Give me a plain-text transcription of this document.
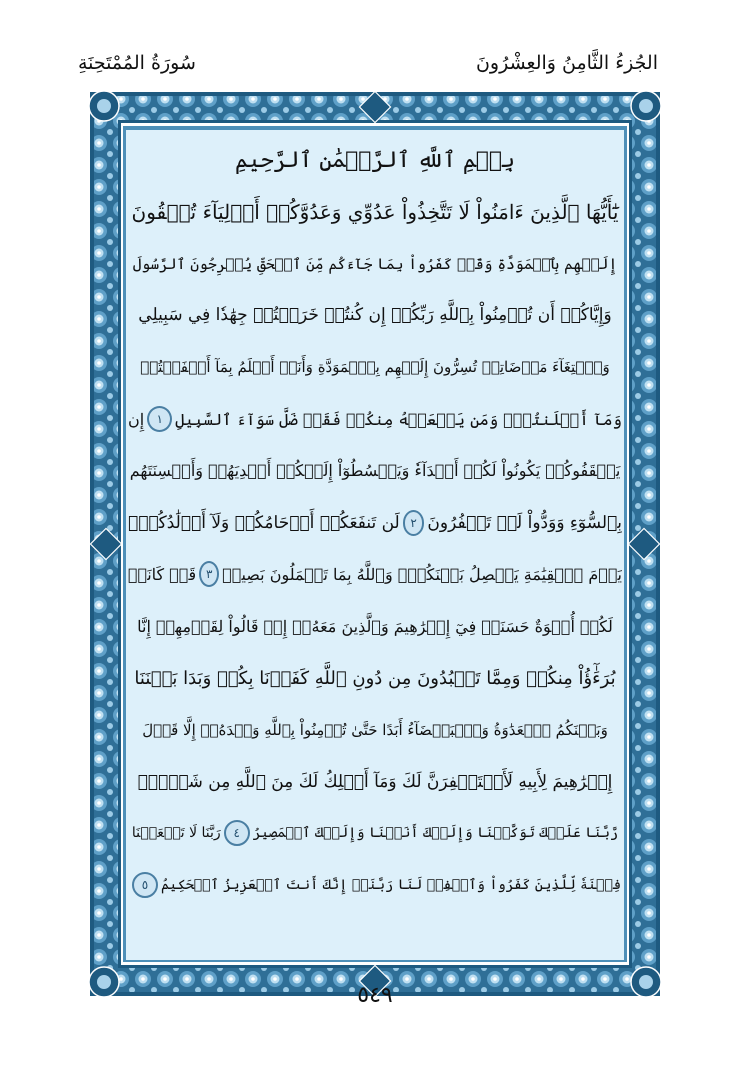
الجُزءُ الثَّامِنُ وَالعِشْرُونَ
سُورَةُ المُمْتَحِنَةِ
بِسۡمِ ٱللَّهِ ٱلرَّحۡمَٰنِ ٱلرَّحِيمِ
يَٰٓأَيُّهَا ٱلَّذِينَ ءَامَنُواْ لَا تَتَّخِذُواْ عَدُوِّي وَعَدُوَّكُمۡ أَوۡلِيَآءَ تُلۡقُونَ
إِلَيۡهِم بِٱلۡمَوَدَّةِ وَقَدۡ كَفَرُواْ بِمَا جَآءَكُم مِّنَ ٱلۡحَقِّ يُخۡرِجُونَ ٱلرَّسُولَ
وَإِيَّاكُمۡ أَن تُؤۡمِنُواْ بِٱللَّهِ رَبِّكُمۡ إِن كُنتُمۡ خَرَجۡتُمۡ جِهَٰدٗا فِي سَبِيلِي
وَٱبۡتِغَآءَ مَرۡضَاتِيۚ تُسِرُّونَ إِلَيۡهِم بِٱلۡمَوَدَّةِ وَأَنَا۠ أَعۡلَمُ بِمَآ أَخۡفَيۡتُمۡ
وَمَآ أَعۡلَنتُمۡۚ وَمَن يَفۡعَلۡهُ مِنكُمۡ فَقَدۡ ضَلَّ سَوَآءَ ٱلسَّبِيلِ
١
إِن
يَثۡقَفُوكُمۡ يَكُونُواْ لَكُمۡ أَعۡدَآءٗ وَيَبۡسُطُوٓاْ إِلَيۡكُمۡ أَيۡدِيَهُمۡ وَأَلۡسِنَتَهُم
بِٱلسُّوٓءِ وَوَدُّواْ لَوۡ تَكۡفُرُونَ
٢
لَن تَنفَعَكُمۡ أَرۡحَامُكُمۡ وَلَآ أَوۡلَٰدُكُمۡۚ
يَوۡمَ ٱلۡقِيَٰمَةِ يَفۡصِلُ بَيۡنَكُمۡۚ وَٱللَّهُ بِمَا تَعۡمَلُونَ بَصِيرٞ
٣
قَدۡ كَانَتۡ
لَكُمۡ أُسۡوَةٌ حَسَنَةٞ فِيٓ إِبۡرَٰهِيمَ وَٱلَّذِينَ مَعَهُۥٓ إِذۡ قَالُواْ لِقَوۡمِهِمۡ إِنَّا
بُرَءَٰٓؤُاْ مِنكُمۡ وَمِمَّا تَعۡبُدُونَ مِن دُونِ ٱللَّهِ كَفَرۡنَا بِكُمۡ وَبَدَا بَيۡنَنَا
وَبَيۡنَكُمُ ٱلۡعَدَٰوَةُ وَٱلۡبَغۡضَآءُ أَبَدًا حَتَّىٰ تُؤۡمِنُواْ بِٱللَّهِ وَحۡدَهُۥٓ إِلَّا قَوۡلَ
إِبۡرَٰهِيمَ لِأَبِيهِ لَأَسۡتَغۡفِرَنَّ لَكَ وَمَآ أَمۡلِكُ لَكَ مِنَ ٱللَّهِ مِن شَيۡءٖۖ
رَّبَّنَا عَلَيۡكَ تَوَكَّلۡنَا وَإِلَيۡكَ أَنَبۡنَا وَإِلَيۡكَ ٱلۡمَصِيرُ
٤
رَبَّنَا لَا تَجۡعَلۡنَا
فِتۡنَةٗ لِّلَّذِينَ كَفَرُواْ وَٱغۡفِرۡ لَنَا رَبَّنَآۖ إِنَّكَ أَنتَ ٱلۡعَزِيزُ ٱلۡحَكِيمُ
٥
٥٤٩
